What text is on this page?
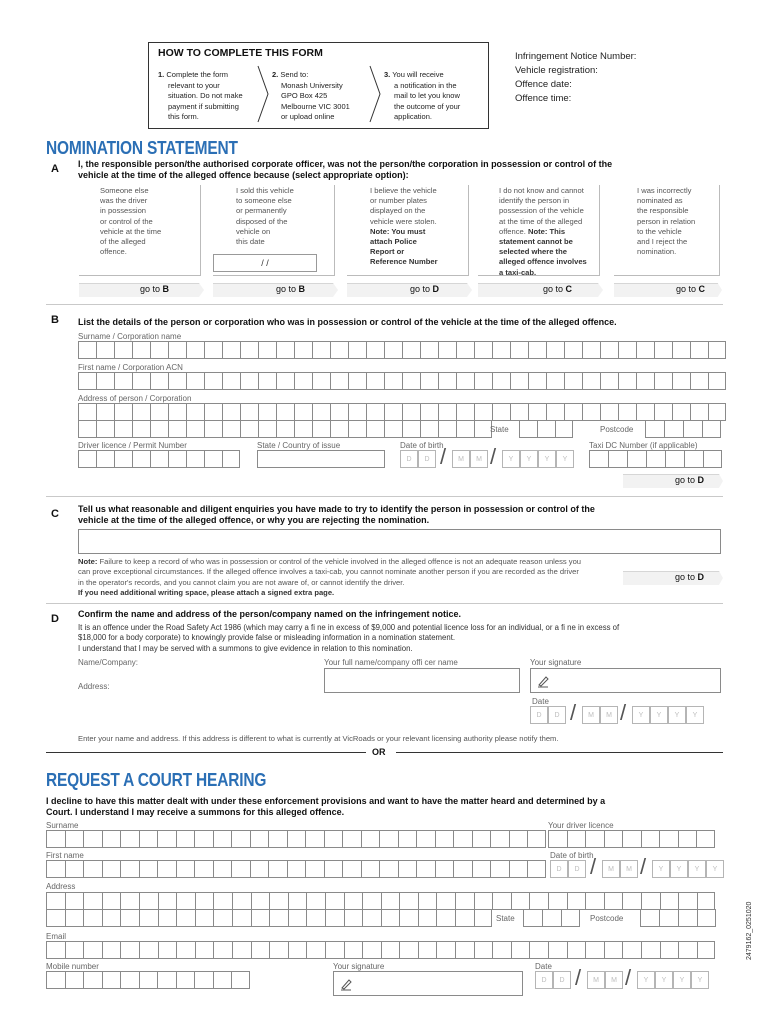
HOW TO COMPLETE THIS FORM
1. Complete the form
relevant to your
situation. Do not make
payment if submitting
this form.
2. Send to:
Monash University
GPO Box 425
Melbourne VIC 3001
or upload online
3. You will receive
a notification in the
mail to let you know
the outcome of your
application.
Infringement Notice Number:
Vehicle registration:
Offence date:
Offence time:
NOMINATION STATEMENT
A I, the responsible person/the authorised corporate officer, was not the person/the corporation in possession or control of the
vehicle at the time of the alleged offence because (select appropriate option):
Someone else
was the driver
in possession
or control of the
vehicle at the time
of the alleged
offence.
I sold this vehicle
to someone else
or permanently
disposed of the
vehicle on
this date
/ /
I believe the vehicle
or number plates
displayed on the
vehicle were stolen.
Note: You must
attach Police
Report or
Reference Number
I do not know and cannot
identify the person in
possession of the vehicle
at the time of the alleged
offence. Note: This
statement cannot be
selected where the
alleged offence involves
a taxi-cab.
I was incorrectly
nominated as
the responsible
person in relation
to the vehicle
and I reject the
nomination.
go to B	go to B	go to D	go to C	go to C
B List the details of the person or corporation who was in possession or control of the vehicle at the time of the alleged offence.
Surname / Corporation name
First name / Corporation ACN
Address of person / Corporation
State	Postcode
Driver licence / Permit Number	State / Country of issue	Date of birth
D	D /	M	M /	Y	Y	Y	Y
Taxi DC Number (if applicable)
go to D
C Tell us what reasonable and diligent enquiries you have made to try to identify the person in possession or control of the
vehicle at the time of the alleged offence, or why you are rejecting the nomination.
Note: Failure to keep a record of who was in possession or control of the vehicle involved in the alleged offence is not an adequate reason unless you
can prove exceptional circumstances. If the alleged offence involves a taxi-cab, you cannot nominate another person if you are recorded as the driver
in the operator's records, and you cannot claim you are not aware of, or cannot identify the driver.
If you need additional writing space, please attach a signed extra page.
go to D
D Confirm the name and address of the person/company named on the infringement notice.
It is an offence under the Road Safety Act 1986 (which may carry a fi ne in excess of $9,000 and potential licence loss for an individual, or a fi ne in excess of
$18,000 for a body corporate) to knowingly provide false or misleading information in a nomination statement.
I understand that I may be served with a summons to give evidence in relation to this nomination.
Name/Company:
Address:
Your full name/company offi cer name	Your signature
Date
D	D /	M	M /	Y	Y	Y	Y
Enter your name and address. If this address is different to what is currently at VicRoads or your relevant licensing authority please notify them.
OR
REQUEST A COURT HEARING
I decline to have this matter dealt with under these enforcement provisions and want to have the matter heard and determined by a
Court. I understand I may receive a summons for this alleged offence.
Surname	Your driver licence
First name	Date of birth
D	D /	M	M /	Y	Y	Y	Y
Address
State	Postcode
Email
Mobile number	Your signature	Date
D	D /	M	M /	Y	Y	Y	Y
2479162_0251020
